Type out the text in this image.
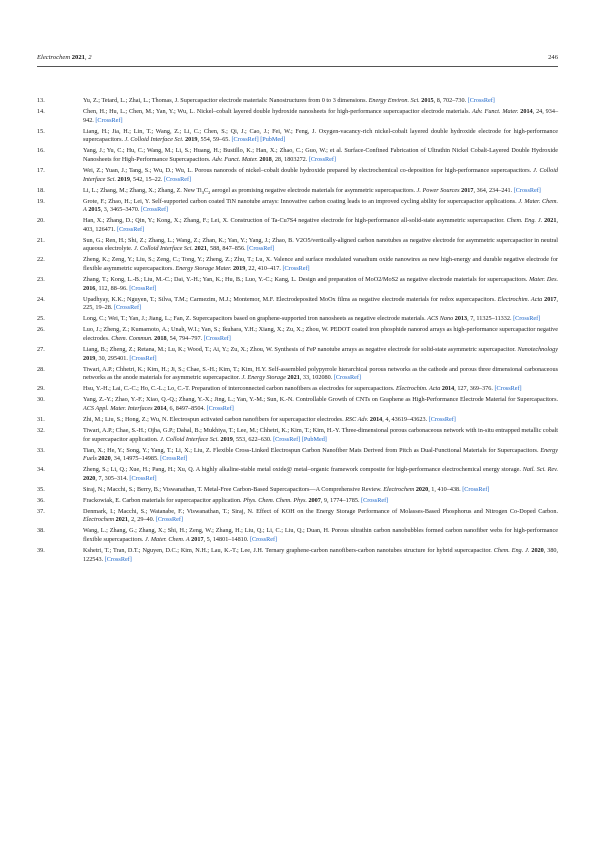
Electrochem 2021, 2	246
13.	Yu, Z.; Tetard, L.; Zhai, L.; Thomas, J. Supercapacitor electrode materials: Nanostructures from 0 to 3 dimensions. Energy Environ. Sci. 2015, 8, 702–730. [CrossRef]
14.	Chen, H.; Hu, L.; Chen, M.; Yan, Y.; Wu, L. Nickel–cobalt layered double hydroxide nanosheets for high-performance supercapacitor electrode materials. Adv. Funct. Mater. 2014, 24, 934–942. [CrossRef]
15.	Liang, H.; Jia, H.; Lin, T.; Wang, Z.; Li, C.; Chen, S.; Qi, J.; Cao, J.; Fei, W.; Feng, J. Oxygen-vacancy-rich nickel-cobalt layered double hydroxide electrode for high-performance supercapacitors. J. Colloid Interface Sci. 2019, 554, 59–65. [CrossRef] [PubMed]
16.	Yang, J.; Yu, C.; Hu, C.; Wang, M.; Li, S.; Huang, H.; Bustillo, K.; Han, X.; Zhao, C.; Guo, W.; et al. Surface-Confined Fabrication of Ultrathin Nickel Cobalt-Layered Double Hydroxide Nanosheets for High-Performance Supercapacitors. Adv. Funct. Mater. 2018, 28, 1803272. [CrossRef]
17.	Wei, Z.; Yuan, J.; Tang, S.; Wu, D.; Wu, L. Porous nanorods of nickel–cobalt double hydroxide prepared by electrochemical co-deposition for high-performance supercapacitors. J. Colloid Interface Sci. 2019, 542, 15–22. [CrossRef]
18.	Li, L.; Zhang, M.; Zhang, X.; Zhang, Z. New $Ti_3C_2$ aerogel as promising negative electrode materials for asymmetric supercapacitors. J. Power Sources 2017, 364, 234–241. [CrossRef]
19.	Grote, F.; Zhao, H.; Lei, Y. Self-supported carbon coated TiN nanotube arrays: Innovative carbon coating leads to an improved cycling ability for supercapacitor applications. J. Mater. Chem. A 2015, 3, 3465–3470. [CrossRef]
20.	Han, X.; Zhang, D.; Qin, Y.; Kong, X.; Zhang, F.; Lei, X. Construction of Ta-Cu7S4 negative electrode for high-performance all-solid-state asymmetric supercapacitor. Chem. Eng. J. 2021, 403, 126471. [CrossRef]
21.	Sun, G.; Ren, H.; Shi, Z.; Zhang, L.; Wang, Z.; Zhan, K.; Yan, Y.; Yang, J.; Zhao, B. V2O5/vertically-aligned carbon nanotubes as negative electrode for asymmetric supercapacitor in neutral aqueous electrolyte. J. Colloid Interface Sci. 2021, 588, 847–856. [CrossRef]
22.	Zheng, K.; Zeng, Y.; Liu, S.; Zeng, C.; Tong, Y.; Zheng, Z.; Zhu, T.; Lu, X. Valence and surface modulated vanadium oxide nanowires as new high-energy and durable negative electrode for flexible asymmetric supercapacitors. Energy Storage Mater. 2019, 22, 410–417. [CrossRef]
23.	Zhang, T.; Kong, L.-B.; Liu, M.-C.; Dai, Y.-H.; Yan, K.; Hu, B.; Luo, Y.-C.; Kang, L. Design and preparation of MoO2/MoS2 as negative electrode materials for supercapacitors. Mater. Des. 2016, 112, 88–96. [CrossRef]
24.	Upadhyay, K.K.; Nguyen, T.; Silva, T.M.; Carmezim, M.J.; Montemor, M.F. Electrodeposited MoOx films as negative electrode materials for redox supercapacitors. Electrochim. Acta 2017, 225, 19–28. [CrossRef]
25.	Long, C.; Wei, T.; Yan, J.; Jiang, L.; Fan, Z. Supercapacitors based on graphene-supported iron nanosheets as negative electrode materials. ACS Nano 2013, 7, 11325–11332. [CrossRef]
26.	Luo, J.; Zheng, Z.; Kumamoto, A.; Unah, W.I.; Yan, S.; Ikuhara, Y.H.; Xiang, X.; Zu, X.; Zhou, W. PEDOT coated iron phosphide nanorod arrays as high-performance supercapacitor negative electrodes. Chem. Commun. 2018, 54, 794–797. [CrossRef]
27.	Liang, B.; Zheng, Z.; Retana, M.; Lu, K.; Wood, T.; Ai, Y.; Zu, X.; Zhou, W. Synthesis of FeP nanotube arrays as negative electrode for solid-state asymmetric supercapacitor. Nanotechnology 2019, 30, 295401. [CrossRef]
28.	Tiwari, A.P.; Chhetri, K.; Kim, H.; Ji, S.; Chae, S.-H.; Kim, T.; Kim, H.Y. Self-assembled polypyrrole hierarchical porous networks as the cathode and porous three dimensional carbonaceous networks as the anode materials for asymmetric supercapacitor. J. Energy Storage 2021, 33, 102080. [CrossRef]
29.	Hsu, Y.-H.; Lai, C.-C.; Ho, C.-L.; Lo, C.-T. Preparation of interconnected carbon nanofibers as electrodes for supercapacitors. Electrochim. Acta 2014, 127, 369–376. [CrossRef]
30.	Yang, Z.-Y.; Zhao, Y.-F.; Xiao, Q.-Q.; Zhang, Y.-X.; Jing, L.; Yan, Y.-M.; Sun, K.-N. Controllable Growth of CNTs on Graphene as High-Performance Electrode Material for Supercapacitors. ACS Appl. Mater. Interfaces 2014, 6, 8497–8504. [CrossRef]
31.	Zhi, M.; Liu, S.; Hong, Z.; Wu, N. Electrospun activated carbon nanofibers for supercapacitor electrodes. RSC Adv. 2014, 4, 43619–43623. [CrossRef]
32.	Tiwari, A.P.; Chae, S.-H.; Ojha, G.P.; Dahal, B.; Mukhiya, T.; Lee, M.; Chhetri, K.; Kim, T.; Kim, H.-Y. Three-dimensional porous carbonaceous network with in-situ entrapped metallic cobalt for supercapacitor application. J. Colloid Interface Sci. 2019, 553, 622–630. [CrossRef] [PubMed]
33.	Tian, X.; He, Y.; Song, Y.; Yang, T.; Li, X.; Liu, Z. Flexible Cross-Linked Electrospun Carbon Nanofiber Mats Derived from Pitch as Dual-Functional Materials for Supercapacitors. Energy Fuels 2020, 34, 14975–14985. [CrossRef]
34.	Zheng, S.; Li, Q.; Xue, H.; Pang, H.; Xu, Q. A highly alkaline-stable metal oxide@ metal–organic framework composite for high-performance electrochemical energy storage. Natl. Sci. Rev. 2020, 7, 305–314. [CrossRef]
35.	Siraj, N.; Macchi, S.; Berry, B.; Viswanathan, T. Metal-Free Carbon-Based Supercapacitors—A Comprehensive Review. Electrochem 2020, 1, 410–438. [CrossRef]
36.	Frackowiak, E. Carbon materials for supercapacitor application. Phys. Chem. Chem. Phys. 2007, 9, 1774–1785. [CrossRef]
37.	Denmark, I.; Macchi, S.; Watanabe, F.; Viswanathan, T.; Siraj, N. Effect of KOH on the Energy Storage Performance of Molasses-Based Phosphorus and Nitrogen Co-Doped Carbon. Electrochem 2021, 2, 29–40. [CrossRef]
38.	Wang, L.; Zhang, G.; Zhang, X.; Shi, H.; Zeng, W.; Zhang, H.; Liu, Q.; Li, C.; Liu, Q.; Duan, H. Porous ultrathin carbon nanobubbles formed carbon nanofiber webs for high-performance flexible supercapacitors. J. Mater. Chem. A 2017, 5, 14801–14810. [CrossRef]
39.	Kshetri, T.; Tran, D.T.; Nguyen, D.C.; Kim, N.H.; Lau, K.-T.; Lee, J.H. Ternary graphene-carbon nanofibers-carbon nanotubes structure for hybrid supercapacitor. Chem. Eng. J. 2020, 380, 122543. [CrossRef]
